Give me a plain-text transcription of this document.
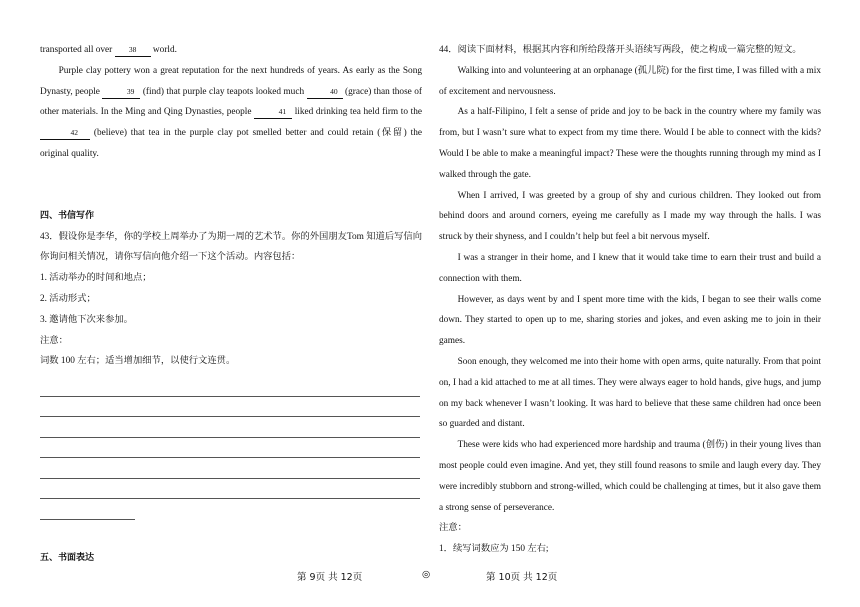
transported all over 38 world.

Purple clay pottery won a great reputation for the next hundreds of years. As early as the Song Dynasty, people	39 (find) that purple clay teapots looked much	40 (grace) than those of other materials. In the Ming and Qing Dynasties, people	41 liked drinking tea held firm to the 42 (believe) that tea in the purple clay pot smelled better and could retain (保留) the original quality.

四、书信写作

43．假设你是李华，你的学校上周举办了为期一周的艺术节。你的外国朋友Tom 知道后写信向你询问相关情况，请你写信向他介绍一下这个活动。内容包括：

1. 活动举办的时间和地点；

2. 活动形式；

3. 邀请他下次来参加。

注意：

词数 100 左右；适当增加细节，以使行文连贯。

五、书面表达

44．阅读下面材料，根据其内容和所给段落开头语续写两段，使之构成一篇完整的短文。

Walking into and volunteering at an orphanage (孤儿院) for the first time, I was filled with a mix of excitement and nervousness.

As a half-Filipino, I felt a sense of pride and joy to be back in the country where my family was from, but I wasn’t sure what to expect from my time there. Would I be able to connect with the kids? Would I be able to make a meaningful impact? These were the thoughts running through my mind as I walked through the gate.

When I arrived, I was greeted by a group of shy and curious children. They looked out from behind doors and around corners, eyeing me carefully as I made my way through the halls. I was struck by their shyness, and I couldn’t help but feel a bit nervous myself.

I was a stranger in their home, and I knew that it would take time to earn their trust and build a connection with them.

However, as days went by and I spent more time with the kids, I began to see their walls come down. They started to open up to me, sharing stories and jokes, and even asking me to join in their games.

Soon enough, they welcomed me into their home with open arms, quite naturally. From that point on, I had a kid attached to me at all times. They were always eager to hold hands, give hugs, and jump on my back whenever I wasn’t looking. It was hard to believe that these same children had once been so guarded and distant.

These were kids who had experienced more hardship and trauma (创伤) in their young lives than most people could even imagine. And yet, they still found reasons to smile and laugh every day. They were incredibly stubborn and strong-willed, which could be challenging at times, but it also gave them a strong sense of perseverance.

注意：

1．续写词数应为 150 左右;

第 9页 共 12页	◎	第 10页 共 12页
